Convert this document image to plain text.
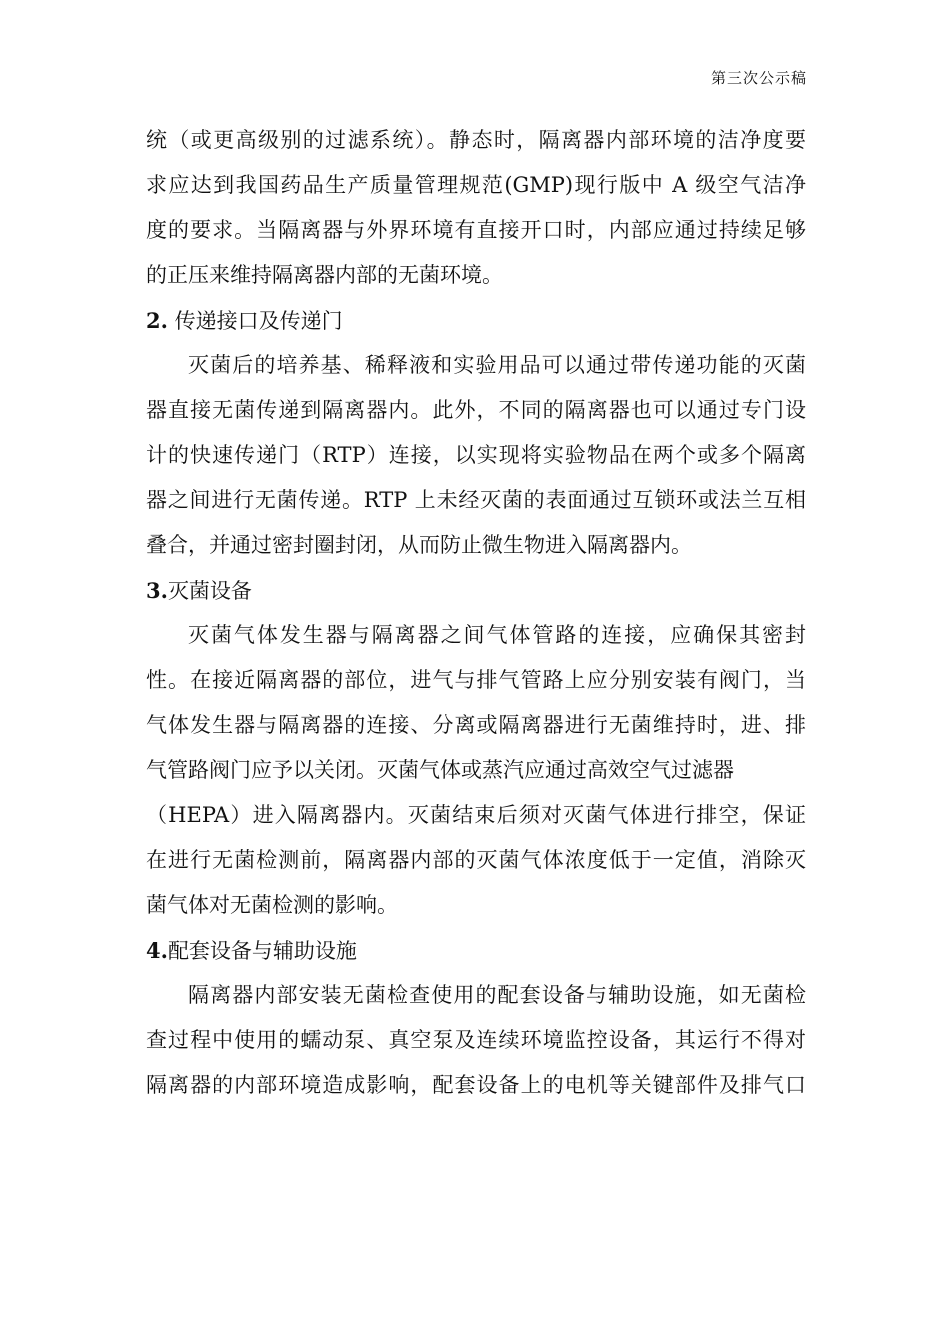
第三次公示稿

统（或更高级别的过滤系统）。静态时，隔离器内部环境的洁净度要

求应达到我国药品生产质量管理规范(GMP)现行版中 A 级空气洁净

度的要求。当隔离器与外界环境有直接开口时，内部应通过持续足够

的正压来维持隔离器内部的无菌环境。

2. 传递接口及传递门

灭菌后的培养基、稀释液和实验用品可以通过带传递功能的灭菌

器直接无菌传递到隔离器内。此外，不同的隔离器也可以通过专门设

计的快速传递门（RTP）连接，以实现将实验物品在两个或多个隔离

器之间进行无菌传递。RTP 上未经灭菌的表面通过互锁环或法兰互相

叠合，并通过密封圈封闭，从而防止微生物进入隔离器内。

3.灭菌设备

灭菌气体发生器与隔离器之间气体管路的连接，应确保其密封

性。在接近隔离器的部位，进气与排气管路上应分别安装有阀门，当

气体发生器与隔离器的连接、分离或隔离器进行无菌维持时，进、排

气管路阀门应予以关闭。灭菌气体或蒸汽应通过高效空气过滤器

（HEPA）进入隔离器内。灭菌结束后须对灭菌气体进行排空，保证

在进行无菌检测前，隔离器内部的灭菌气体浓度低于一定值，消除灭

菌气体对无菌检测的影响。

4.配套设备与辅助设施

隔离器内部安装无菌检查使用的配套设备与辅助设施，如无菌检

查过程中使用的蠕动泵、真空泵及连续环境监控设备，其运行不得对

隔离器的内部环境造成影响，配套设备上的电机等关键部件及排气口
